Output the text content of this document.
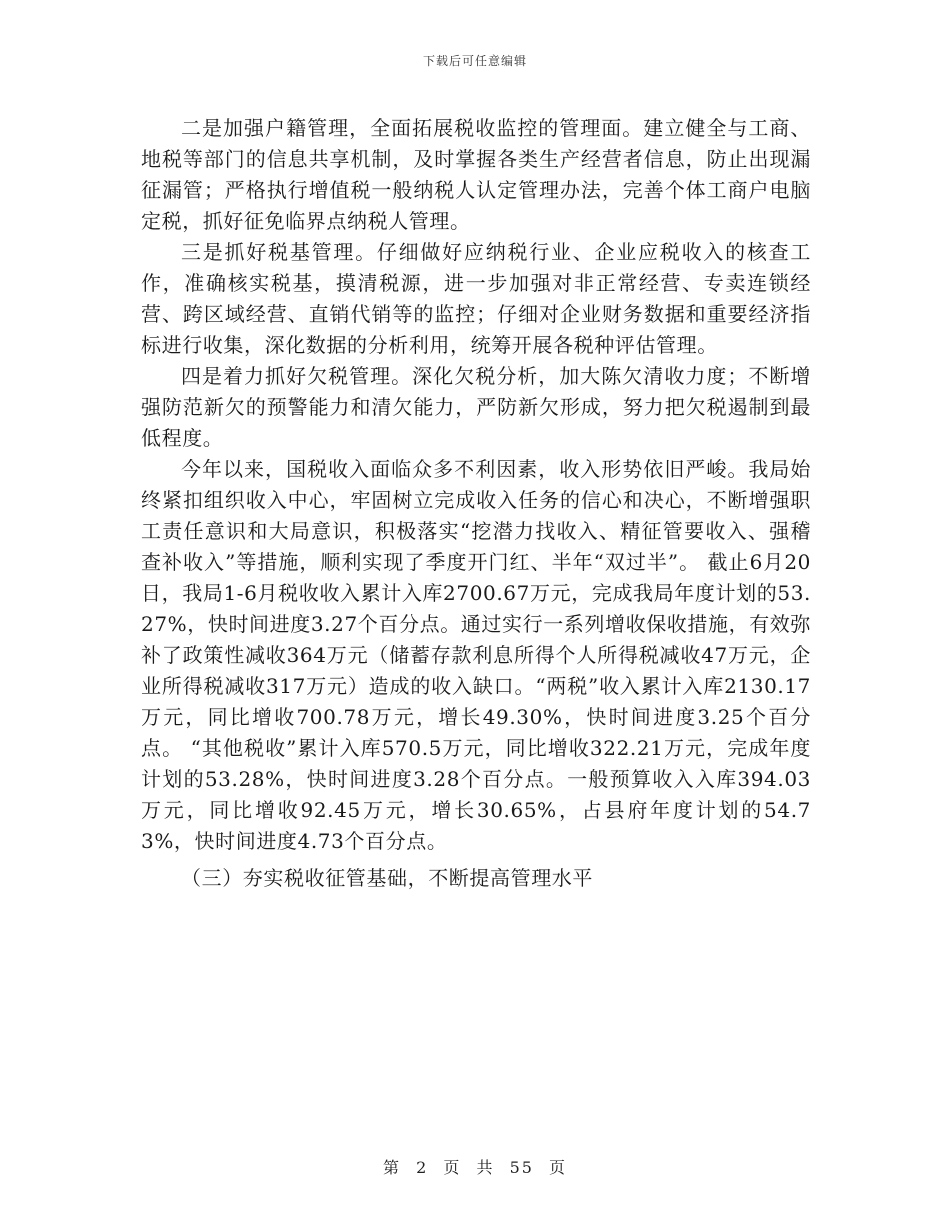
下载后可任意编辑

二是加强户籍管理，全面拓展税收监控的管理面。建立健全与工商、地税等部门的信息共享机制，及时掌握各类生产经营者信息，防止出现漏征漏管；严格执行增值税一般纳税人认定管理办法，完善个体工商户电脑定税，抓好征免临界点纳税人管理。

三是抓好税基管理。仔细做好应纳税行业、企业应税收入的核查工作，准确核实税基，摸清税源，进一步加强对非正常经营、专卖连锁经营、跨区域经营、直销代销等的监控；仔细对企业财务数据和重要经济指标进行收集，深化数据的分析利用，统筹开展各税种评估管理。

四是着力抓好欠税管理。深化欠税分析，加大陈欠清收力度；不断增强防范新欠的预警能力和清欠能力，严防新欠形成，努力把欠税遏制到最低程度。

今年以来，国税收入面临众多不利因素，收入形势依旧严峻。我局始终紧扣组织收入中心，牢固树立完成收入任务的信心和决心，不断增强职工责任意识和大局意识，积极落实“挖潜力找收入、精征管要收入、强稽查补收入”等措施，顺利实现了季度开门红、半年“双过半”。 截止6月20日，我局1-6月税收收入累计入库2700.67万元，完成我局年度计划的53.27%，快时间进度3.27个百分点。通过实行一系列增收保收措施，有效弥补了政策性减收364万元（储蓄存款利息所得个人所得税减收47万元，企业所得税减收317万元）造成的收入缺口。“两税”收入累计入库2130.17万元，同比增收700.78万元，增长49.30%，快时间进度3.25个百分点。 “其他税收”累计入库570.5万元，同比增收322.21万元，完成年度计划的53.28%，快时间进度3.28个百分点。一般预算收入入库394.03万元，同比增收92.45万元，增长30.65%，占县府年度计划的54.73%，快时间进度4.73个百分点。

（三）夯实税收征管基础，不断提高管理水平

第 2 页 共 55 页
